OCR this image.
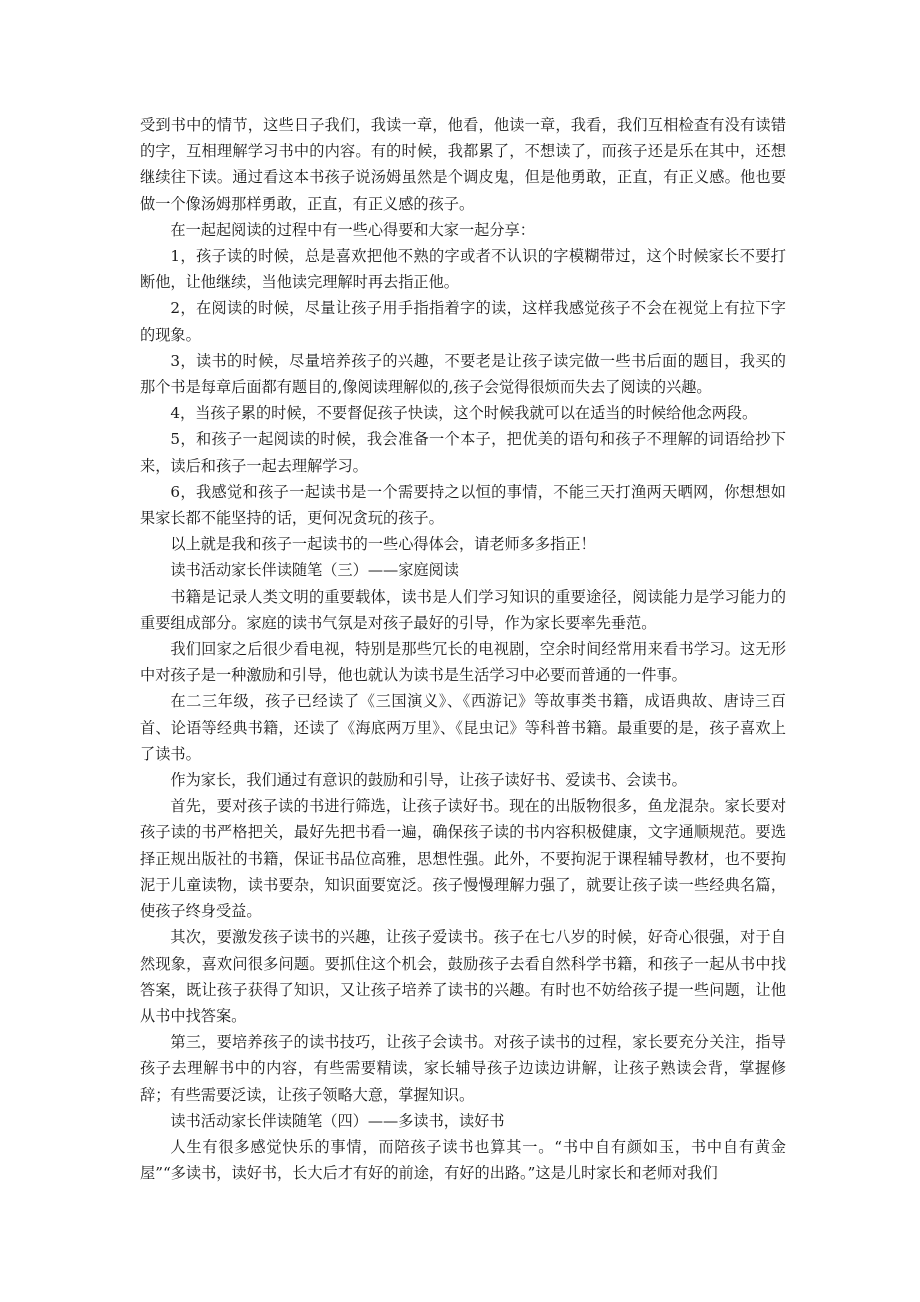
受到书中的情节，这些日子我们，我读一章，他看，他读一章，我看，我们互相检查有没有读错的字，互相理解学习书中的内容。有的时候，我都累了，不想读了，而孩子还是乐在其中，还想继续往下读。通过看这本书孩子说汤姆虽然是个调皮鬼，但是他勇敢，正直，有正义感。他也要做一个像汤姆那样勇敢，正直，有正义感的孩子。

在一起起阅读的过程中有一些心得要和大家一起分享：

1，孩子读的时候，总是喜欢把他不熟的字或者不认识的字模糊带过，这个时候家长不要打断他，让他继续，当他读完理解时再去指正他。

2，在阅读的时候，尽量让孩子用手指指着字的读，这样我感觉孩子不会在视觉上有拉下字的现象。

3，读书的时候，尽量培养孩子的兴趣，不要老是让孩子读完做一些书后面的题目，我买的那个书是每章后面都有题目的,像阅读理解似的,孩子会觉得很烦而失去了阅读的兴趣。

4，当孩子累的时候，不要督促孩子快读，这个时候我就可以在适当的时候给他念两段。

5，和孩子一起阅读的时候，我会准备一个本子，把优美的语句和孩子不理解的词语给抄下来，读后和孩子一起去理解学习。

6，我感觉和孩子一起读书是一个需要持之以恒的事情，不能三天打渔两天晒网，你想想如果家长都不能坚持的话，更何况贪玩的孩子。

以上就是我和孩子一起读书的一些心得体会，请老师多多指正！

读书活动家长伴读随笔（三）——家庭阅读

书籍是记录人类文明的重要载体，读书是人们学习知识的重要途径，阅读能力是学习能力的重要组成部分。家庭的读书气氛是对孩子最好的引导，作为家长要率先垂范。

我们回家之后很少看电视，特别是那些冗长的电视剧，空余时间经常用来看书学习。这无形中对孩子是一种激励和引导，他也就认为读书是生活学习中必要而普通的一件事。

在二三年级，孩子已经读了《三国演义》、《西游记》等故事类书籍，成语典故、唐诗三百首、论语等经典书籍，还读了《海底两万里》、《昆虫记》等科普书籍。最重要的是，孩子喜欢上了读书。

作为家长，我们通过有意识的鼓励和引导，让孩子读好书、爱读书、会读书。

首先，要对孩子读的书进行筛选，让孩子读好书。现在的出版物很多，鱼龙混杂。家长要对孩子读的书严格把关，最好先把书看一遍，确保孩子读的书内容积极健康，文字通顺规范。要选择正规出版社的书籍，保证书品位高雅，思想性强。此外，不要拘泥于课程辅导教材，也不要拘泥于儿童读物，读书要杂，知识面要宽泛。孩子慢慢理解力强了，就要让孩子读一些经典名篇，使孩子终身受益。

其次，要激发孩子读书的兴趣，让孩子爱读书。孩子在七八岁的时候，好奇心很强，对于自然现象，喜欢问很多问题。要抓住这个机会，鼓励孩子去看自然科学书籍，和孩子一起从书中找答案，既让孩子获得了知识，又让孩子培养了读书的兴趣。有时也不妨给孩子提一些问题，让他从书中找答案。

第三，要培养孩子的读书技巧，让孩子会读书。对孩子读书的过程，家长要充分关注，指导孩子去理解书中的内容，有些需要精读，家长辅导孩子边读边讲解，让孩子熟读会背，掌握修辞；有些需要泛读，让孩子领略大意，掌握知识。

读书活动家长伴读随笔（四）——多读书，读好书

人生有很多感觉快乐的事情，而陪孩子读书也算其一。“书中自有颜如玉，书中自有黄金屋”“多读书，读好书，长大后才有好的前途，有好的出路。”这是儿时家长和老师对我们
